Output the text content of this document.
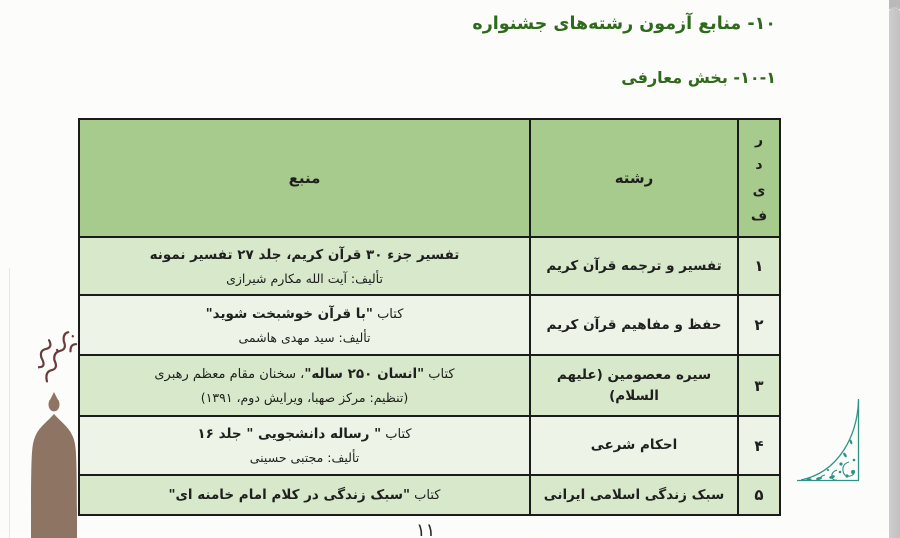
۱۰- منابع آزمون رشته‌های جشنواره
۱۰-۱- بخش معارفی
ر
د
ی
ف	رشته	منبع
۱	تفسیر و ترجمه قرآن کریم	تفسیر جزء ۳۰ قرآن کریم، جلد ۲۷ تفسیر نمونه
تألیف: آیت الله مکارم شیرازی

۲	حفظ و مفاهیم قرآن کریم	کتاب "با قرآن خوشبخت شوید"
تألیف: سید مهدی هاشمی

۳	سیره معصومین (علیهم السلام)	کتاب "انسان ۲۵۰ ساله"، سخنان مقام معظم رهبری
(تنظیم: مرکز صهبا، ویرایش دوم، ۱۳۹۱)

۴	احکام شرعی	کتاب " رساله دانشجویی " جلد ۱۶
تألیف: مجتبی حسینی

۵	سبک زندگی اسلامی ایرانی	کتاب "سبک زندگی در کلام امام خامنه ای"
۱۱
